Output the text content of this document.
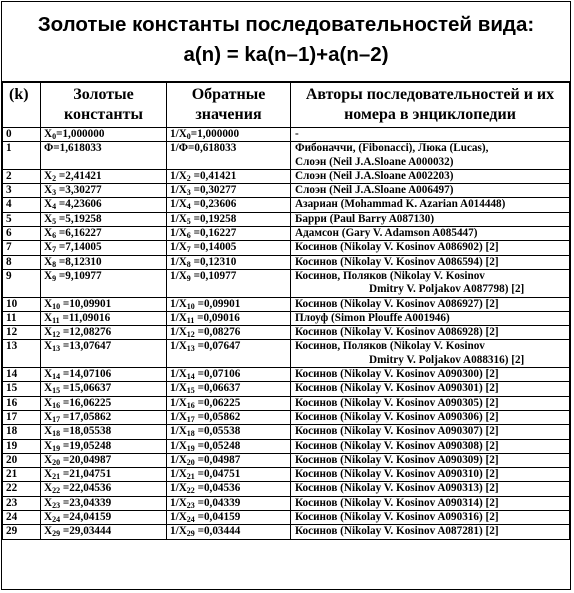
Золотые константы последовательностей вида:
a(n) = ka(n–1)+a(n–2)
(k)	Золотые константы	Обратные значения	Авторы последовательностей и их номера в энциклопедии
0	$X_0=1,000000$	$1/X_0=1,000000$	-

1	Φ=1,618033	1/Φ=0,618033	Фибоначчи, (Fibonacci), Люка (Lucas),
Слоэн (Neil J.A.Sloane A000032)

2	$X_2 =2,41421$	$1/X_2 =0,41421$	Слоэн (Neil J.A.Sloane A002203)

3	$X_3 =3,30277$	$1/X_3 =0,30277$	Слоэн (Neil J.A.Sloane A006497)

4	$X_4 =4,23606$	$1/X_4 =0,23606$	Азариан (Mohammad K. Azarian A014448)

5	$X_5 =5,19258$	$1/X_5 =0,19258$	Барри (Paul Barry A087130)

6	$X_6 =6,16227$	$1/X_6 =0,16227$	Адамсон (Gary V. Adamson A085447)

7	$X_7 =7,14005$	$1/X_7 =0,14005$	Косинов (Nikolay V. Kosinov A086902) [2]

8	$X_8 =8,12310$	$1/X_8 =0,12310$	Косинов (Nikolay V. Kosinov A086594) [2]

9	$X_9 =9,10977$	$1/X_9 =0,10977$	Косинов, Поляков (Nikolay V. Kosinov
Dmitry V. Poljakov A087798) [2]

10	$X_{10} =10,09901$	$1/X_{10} =0,09901$	Косинов (Nikolay V. Kosinov A086927) [2]

11	$X_{11} =11,09016$	$1/X_{11} =0,09016$	Плоуф (Simon Plouffe A001946)

12	$X_{12} =12,08276$	$1/X_{12} =0,08276$	Косинов (Nikolay V. Kosinov A086928) [2]

13	$X_{13} =13,07647$	$1/X_{13} =0,07647$	Косинов, Поляков (Nikolay V. Kosinov
Dmitry V. Poljakov A088316) [2]

14	$X_{14} =14,07106$	$1/X_{14} =0,07106$	Косинов (Nikolay V. Kosinov A090300) [2]

15	$X_{15} =15,06637$	$1/X_{15} =0,06637$	Косинов (Nikolay V. Kosinov A090301) [2]

16	$X_{16} =16,06225$	$1/X_{16} =0,06225$	Косинов (Nikolay V. Kosinov A090305) [2]

17	$X_{17} =17,05862$	$1/X_{17} =0,05862$	Косинов (Nikolay V. Kosinov A090306) [2]

18	$X_{18} =18,05538$	$1/X_{18} =0,05538$	Косинов (Nikolay V. Kosinov A090307) [2]

19	$X_{19} =19,05248$	$1/X_{19} =0,05248$	Косинов (Nikolay V. Kosinov A090308) [2]

20	$X_{20} =20,04987$	$1/X_{20} =0,04987$	Косинов (Nikolay V. Kosinov A090309) [2]

21	$X_{21} =21,04751$	$1/X_{21} =0,04751$	Косинов (Nikolay V. Kosinov A090310) [2]

22	$X_{22} =22,04536$	$1/X_{22} =0,04536$	Косинов (Nikolay V. Kosinov A090313) [2]

23	$X_{23} =23,04339$	$1/X_{23} =0,04339$	Косинов (Nikolay V. Kosinov A090314) [2]

24	$X_{24} =24,04159$	$1/X_{24} =0,04159$	Косинов (Nikolay V. Kosinov A090316) [2]

29	$X_{29} =29,03444$	$1/X_{29} =0,03444$	Косинов (Nikolay V. Kosinov A087281) [2]
